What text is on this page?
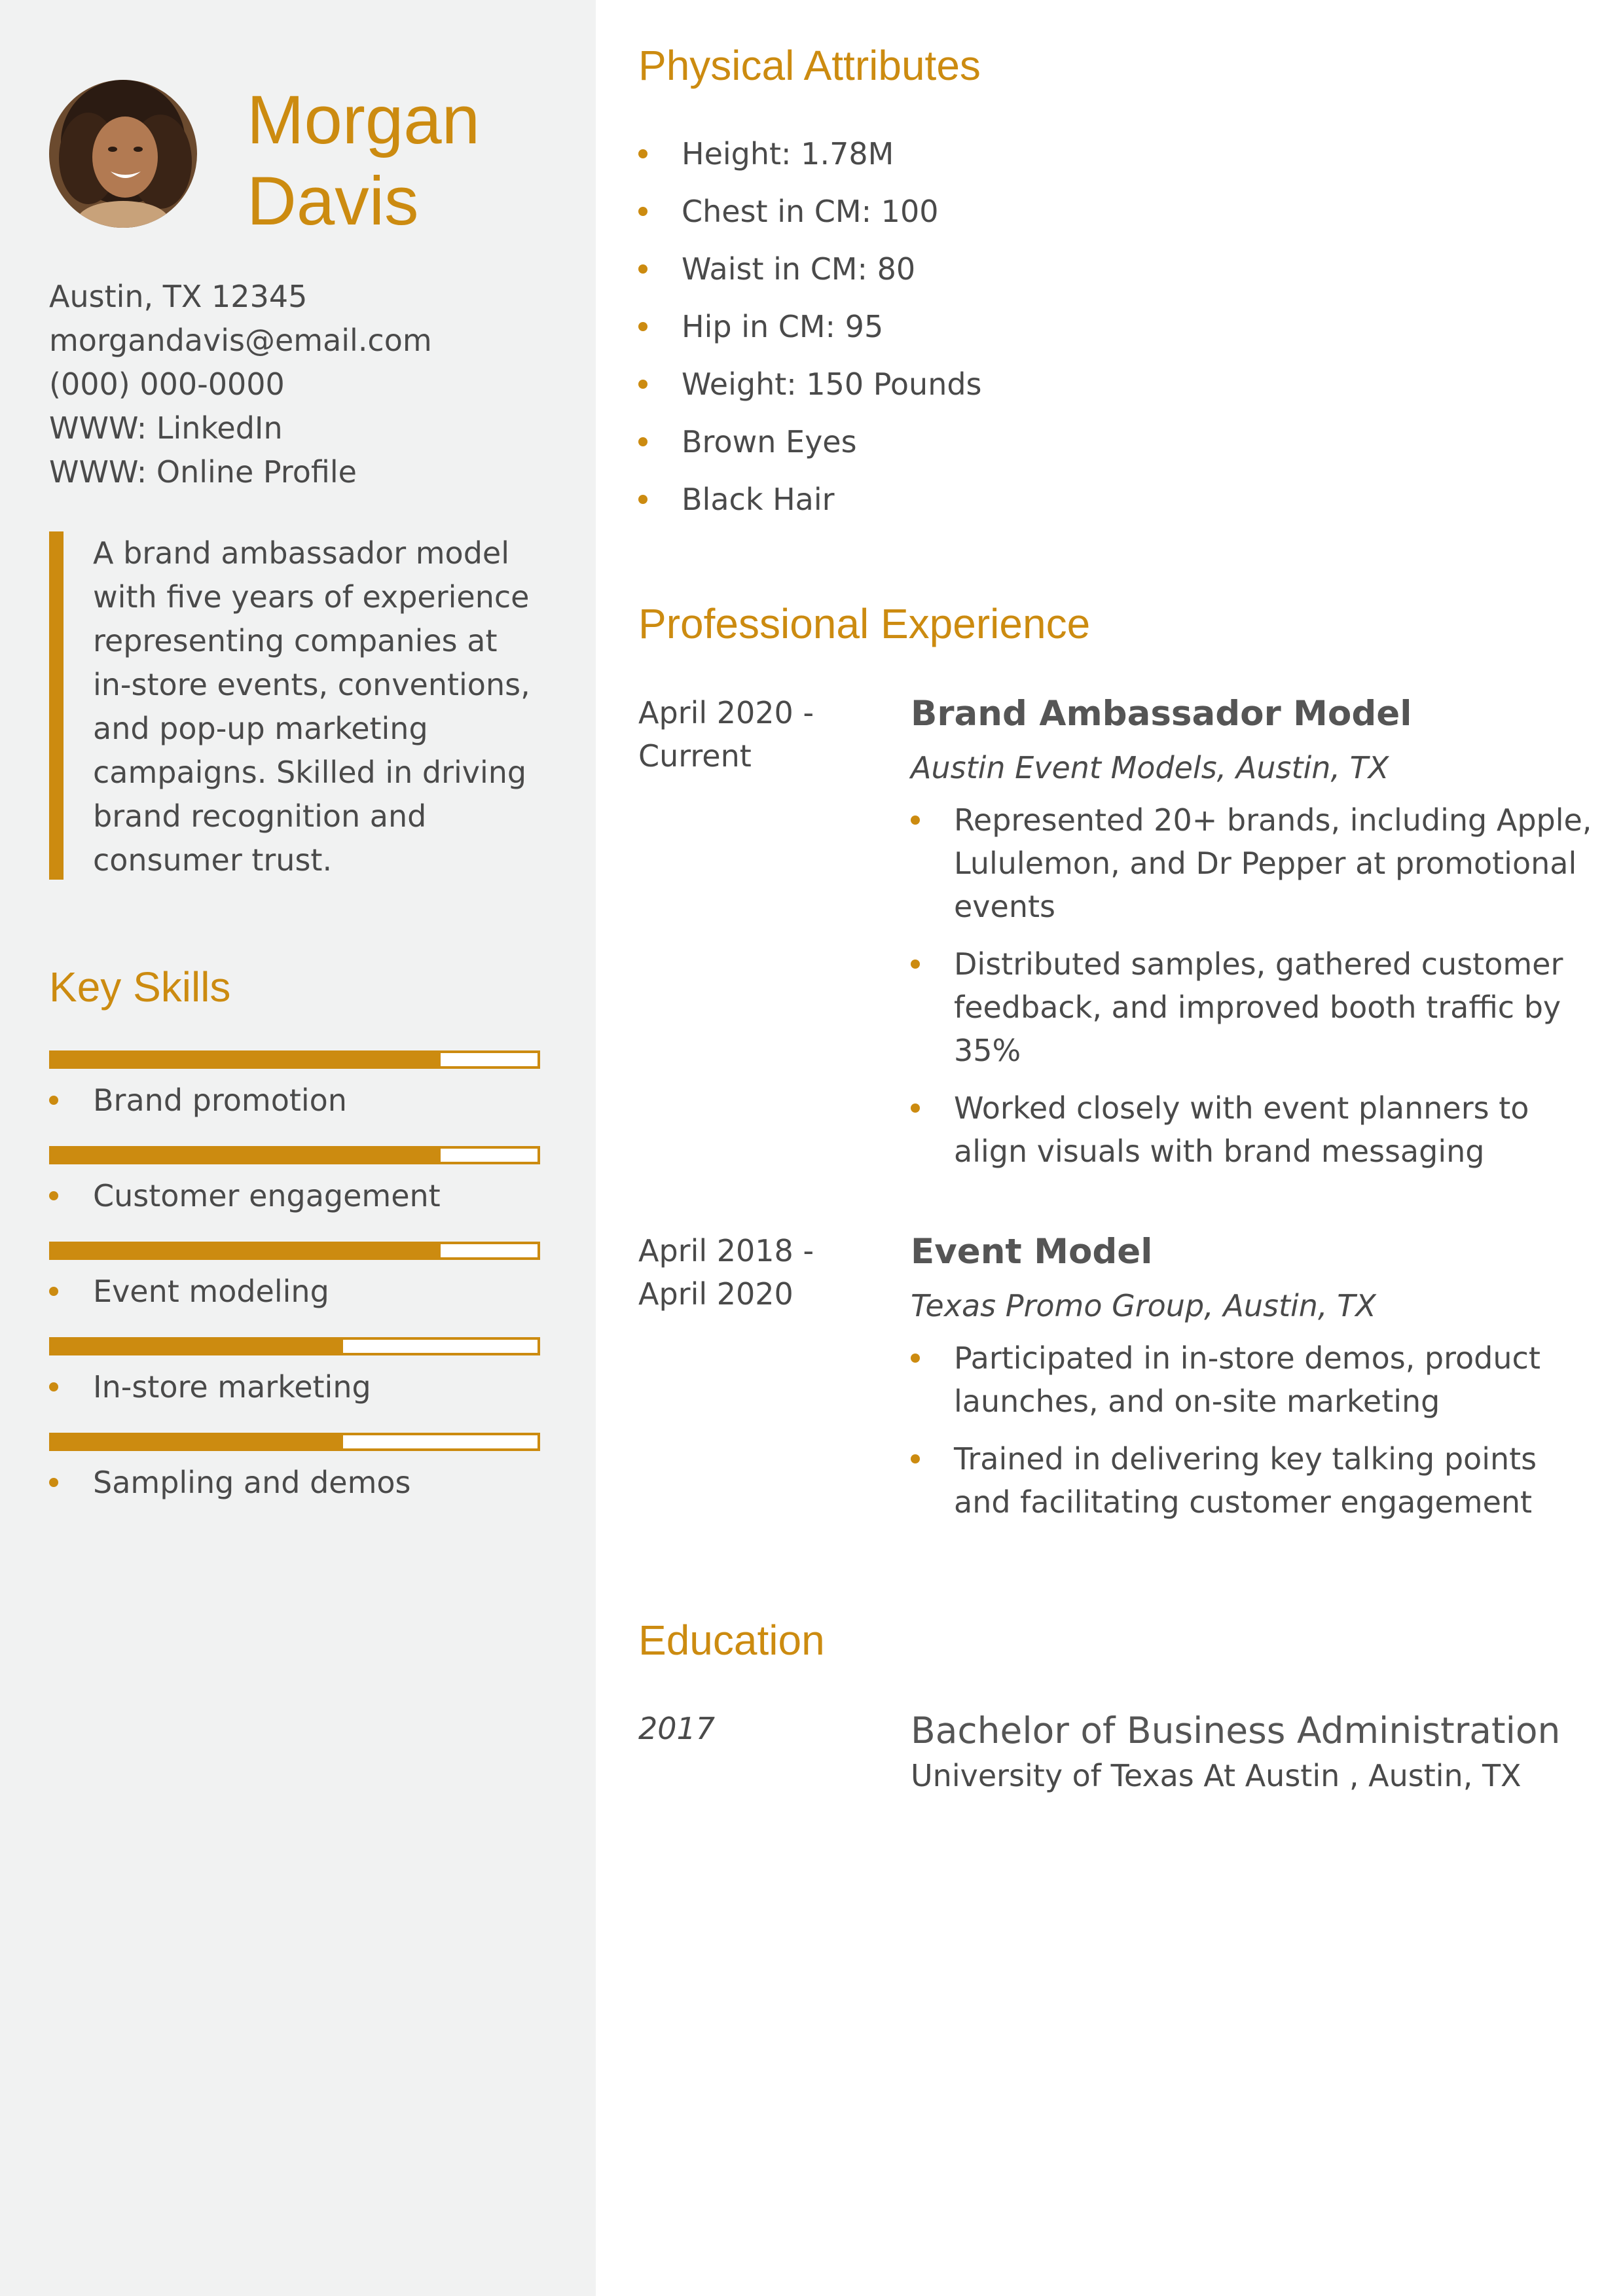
Morgan
Davis
Austin, TX 12345
morgandavis@email.com
(000) 000-0000
WWW: LinkedIn
WWW: Online Profile

A brand ambassador model with five years of experience representing companies at in-store events, conventions, and pop-up marketing campaigns. Skilled in driving brand recognition and consumer trust.

Key Skills
Brand promotion
Customer engagement
Event modeling
In-store marketing
Sampling and demos
Physical Attributes
Height: 1.78M
Chest in CM: 100
Waist in CM: 80
Hip in CM: 95
Weight: 150 Pounds
Brown Eyes
Black Hair
Professional Experience
April 2020 -
Current
Brand Ambassador Model
Austin Event Models, Austin, TX
Represented 20+ brands, including Apple, Lululemon, and Dr Pepper at promotional events
Distributed samples, gathered customer feedback, and improved booth traffic by 35%
Worked closely with event planners to align visuals with brand messaging
April 2018 -
April 2020
Event Model
Texas Promo Group, Austin, TX
Participated in in-store demos, product launches, and on-site marketing
Trained in delivering key talking points and facilitating customer engagement
Education
2017	Bachelor of Business Administration
University of Texas At Austin , Austin, TX
